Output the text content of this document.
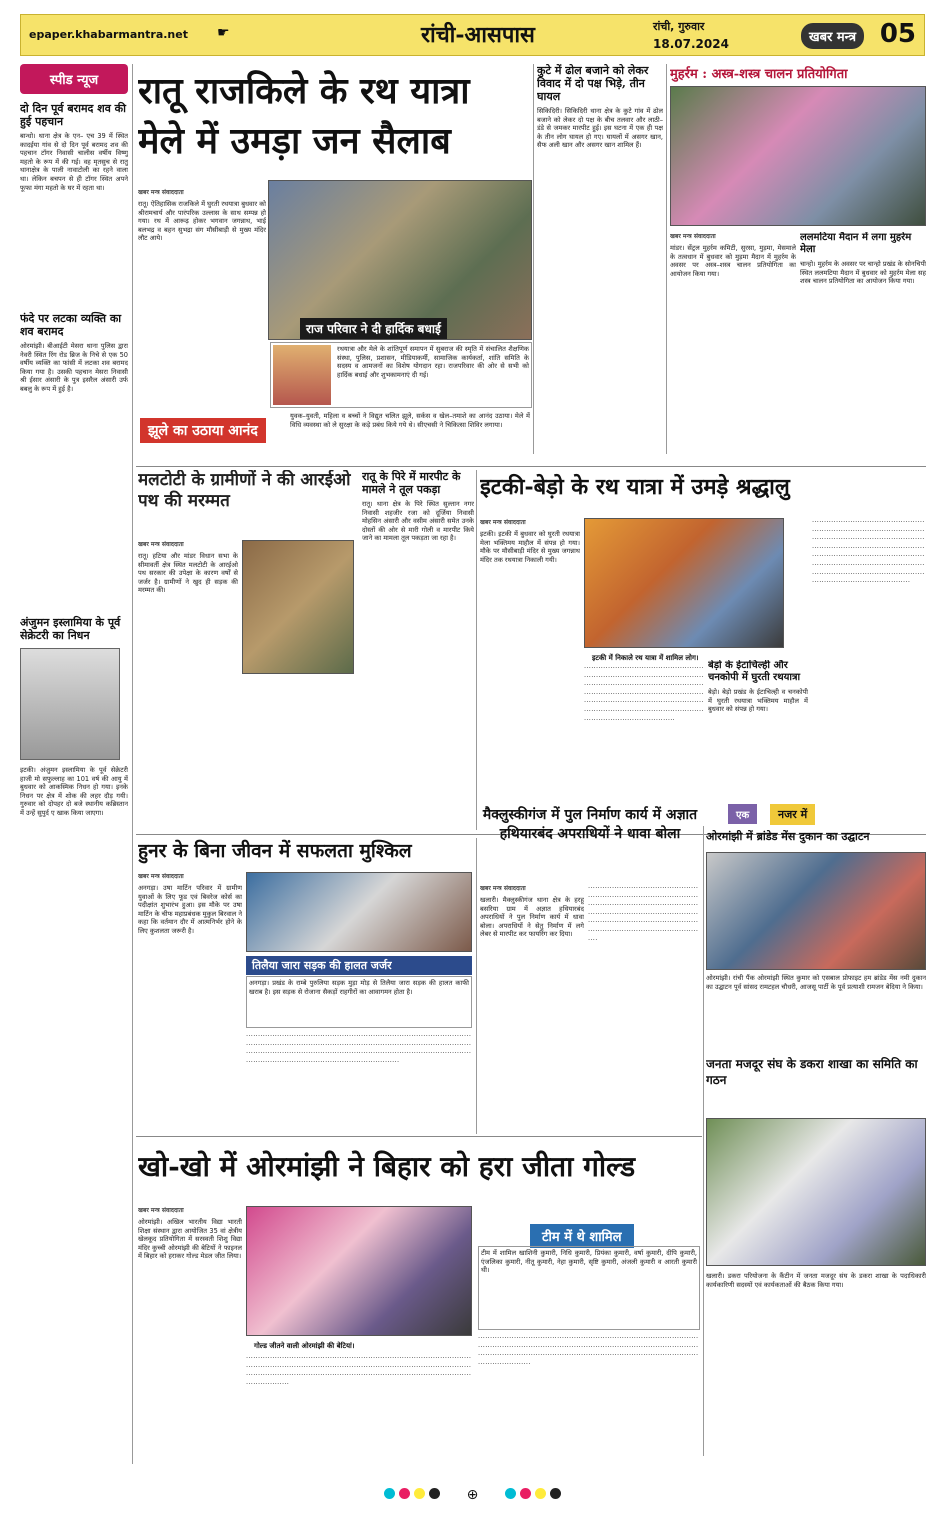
epaper.khabarmantra.net ☛	रांची-आसपास	रांची, गुरुवार
18.07.2024	खबर मन्त्र 05
स्पीड न्यूज
दो दिन पूर्व बरामद शव की हुई पहचान
बान्धो। थाना क्षेत्र के एन– एच 39 में स्थित कादईया गांव से दो दिन पूर्व बरामद शव की पहचान टॉगर निवासी चालीस वर्षीय विष्णु महतो के रूप में की गई। वह मृतसुच से रातु थानाक्षेत्र के पाली नावाटोली का रहने वाला था। लेकिन बचपन से ही टॉगर स्थित अपने फूफा मंगा महतो के घर में रहता था।
फंदे पर लटका व्यक्ति का शव बरामद
ओरमांझी। बीआईटी मेसरा थाना पुलिस द्वारा नेवरी स्थित रिंग रोड ब्रिज के निचे से एक 50 वर्षीय व्यक्ति का फांसी में लटका शव बरामद किया गया है। उसकी पहचान मेसरा निवासी श्री ईसार अंसारी के पुत्र इसरैल अंसारी उर्फ बबलु के रूप में हुई है।
अंजुमन इस्लामिया के पूर्व सेक्रेटरी का निधन
इटकी। अंजुमन इस्लामिया के पूर्व सेक्रेटरी हाजी मो सफुल्लाह का 101 वर्ष की आयु में बुधवार को आकस्मिक निधन हो गया। इनके निधन पर क्षेत्र में शोक की लहर दौड़ गयी। गुरुवार को दोपहर दो बजे स्थानीय कब्रिस्तान में उन्हें सुपुर्द ए खाक किया जाएगा।
रातू राजकिले के रथ यात्रा मेले में उमड़ा जन सैलाब
खबर मन्त्र संवाददाता
रातू। ऐतिहासिक राजकिले में घुरती रथयात्रा बुधवार को श्रीरामचार्य और पारंपरिक उल्लास के साथ सम्पन्न हो गया। रथ में आरूढ़ होकर भगवान जगन्नाथ, भाई बलभद्र व बहन सुभद्रा संग मौसीबाड़ी से मुख्य मंदिर लौट आये।
राज परिवार ने दी हार्दिक बधाई
रथयात्रा और मेले के शांतिपूर्ण समापन में सुबराज की स्मृति में संचालित शैक्षणिक संस्था, पुलिस, प्रशासन, मीडियाकर्मी, सामाजिक कार्यकर्ता, शांति समिति के सदस्य व आमजनों का विशेष योगदान रहा। राजपरिवार की ओर से सभी को हार्दिक बधाई और शुभकामनाएं दी गई।
झूले का उठाया आनंद
युवक–युवती, महिला व बच्चों ने विद्युत चलित झूले, सर्कस व खेल–तमाशे का आनंद उठाया। मेले में विधि व्यवस्था को ले सुरक्षा के कड़े प्रबंध किये गये थे। सीएचसी ने चिकित्सा शिविर लगाया।
कुटे में ढोल बजाने को लेकर विवाद में दो पक्ष भिड़े, तीन घायल
सिकिदिरी। सिकिदिरी थाना क्षेत्र के कुटे गांव में ढोल बजाने को लेकर दो पक्ष के बीच तलवार और लाठी–डंडे से जमकर मारपीट हुई। इस घटना में एक ही पक्ष के तीन लोग घायल हो गए। घायलों में असगर खान, सैफ अली खान और असगर खान शामिल हैं।
मुहर्रम : अस्त्र-शस्त्र चालन प्रतियोगिता
खबर मन्त्र संवाददाता
मांडर। सेंट्रल मुहर्रम कमिटी, सुरसा, मुड़मा, मेसमाले के तत्वधान में बुधवार को मुड़मा मैदान में मुहर्रम के अवसर पर अस्त्र–शस्त्र चालन प्रतियोगिता का आयोजन किया गया।
ललमटिया मैदान में लगा मुहर्रम मेला
चान्हो। मुहर्रम के अवसर पर चान्हो प्रखंड के सोनचिपी स्थित ललमटिया मैदान में बुधवार को मुहर्रम मेला सह शस्त्र चालन प्रतियोगिता का आयोजन किया गया।
मलटोटी के ग्रामीणों ने की आरईओ पथ की मरम्मत
खबर मन्त्र संवाददाता
रातू। हटिया और मांडर विधान सभा के सीमावर्ती क्षेत्र स्थित मलटोटी के आरईओ पथ सरकार की उपेक्षा के कारण वर्षों से जर्जर है। ग्रामीणों ने खुद ही सड़क की मरम्मत की।
रातू के पिरे में मारपीट के मामले ने तूल पकड़ा
रातू। थाना क्षेत्र के पिरे स्थित सुल्तान नगर निवासी शहजीर रजा को दूर्जिया निवासी मोहसिन अंसारी और वसीम अंसारी समेत उनके दोस्तों की ओर से मारी गोली व मारपीट किये जाने का मामला तूल पकड़ता जा रहा है।
इटकी-बेड़ो के रथ यात्रा में उमड़े श्रद्धालु
खबर मन्त्र संवाददाता
इटकी। इटकी में बुधवार को घुरती रथयात्रा मेला भक्तिमय माहौल में संपन्न हो गया। मौके पर मौसीबाड़ी मंदिर से मुख्य जगन्नाथ मंदिर तक रथयात्रा निकाली गयी।
इटकी में निकाले रथ यात्रा में शामिल लोग।
··················································································································································································································································································································································
बेड़ो के ईटाचिल्ही और चनकोपी में घुरती रथयात्रा
बेड़ो। बेड़ो प्रखंड के ईटाचिल्ही व चनकोपी में घुरती रथयात्रा भक्तिमय माहौल में बुधवार को संपन्न हो गया।
··················································································································································································································································································································································································
एक	नजर में
हुनर के बिना जीवन में सफलता मुश्किल
खबर मन्त्र संवाददाता
अनगड़ा। उषा मार्टिन परिवार में ग्रामीण युवाओं के लिए फूड एवं बिवरेज कोर्स का पदीक्षांत शुभारंभ हुआ। इस मौके पर उषा मार्टिन के चीफ महाप्रबंधक मुकुल बिरवाल ने कहा कि वर्तमान दौर में आत्मनिर्भर होने के लिए कुशलता जरूरी है।
तिलैया जारा सड़क की हालत जर्जर
अनगड़ा। प्रखंड के राम्बे पुरुलिया सड़क मुड़ा मोड़ से तिलैया जारा सड़क की हालत काफी खराब है। इस सड़क से रोजाना सैकड़ों राहगीरों का आवागमन होता है।
··························································································································································································································································································································································
मैक्लुस्कीगंज में पुल निर्माण कार्य में अज्ञात हथियारबंद अपराधियों ने धावा बोला
खबर मन्त्र संवाददाता
खलारी। मैक्लुस्कीगंज थाना क्षेत्र के हरहू बसरिया ग्राम में अज्ञात हथियारबंद अपराधियों ने पुल निर्माण कार्य में धावा बोला। अपराधियों ने सेतु निर्माण में लगे लेबर से मारपीट कर फायरिंग कर दिया।
························································································································································································································································································
ओरमांझी में ब्रांडेड मेंस दुकान का उद्घाटन
ओरमांझी। रांची पैंक ओरमांझी स्थित कुमार को एसबाल प्रोफाइट हम ब्रांडेड मेंस नमी दुकान का उद्घाटन पूर्व सांसद रामटहल चौधरी, आजसू पार्टी के पूर्व प्रत्याशी रामजन बेदिया ने किया।
जनता मजदूर संघ के डकरा शाखा का समिति का गठन
खलारी। डकरा परियोजना के कैंटीन में जनता मजदूर संघ के डकरा शाखा के पदाधिकारी कार्यकारिणी सदस्यों एवं कार्यकताओं की बैठक किया गया।
खो-खो में ओरमांझी ने बिहार को हरा जीता गोल्ड
खबर मन्त्र संवाददाता
ओरमांझी। अखिल भारतीय विद्या भारती शिक्षा संस्थान द्वारा आयोजित 35 वां क्षेत्रीय खेलकूद प्रतियोगिता में सरस्वती शिशु विद्या मंदिर कुच्ची ओरमांझी की बेटियों ने फाइनल में बिहार को हराकर गोल्ड मेडल जीत लिया।
गोल्ड जीतने वाली ओरमांझी की बेटियां।
············································································································································································································································································································
टीम में थे शामिल
टीम में शामिल खाशिनी कुमारी, निधि कुमारी, प्रियंका कुमारी, वर्षा कुमारी, दीपि कुमारी, एंजलिका कुमारी, नीतू कुमारी, नेहा कुमारी, सृष्टि कुमारी, अंजली कुमारी व आरती कुमारी थी।
··········································································································································································································································································································
⊕
